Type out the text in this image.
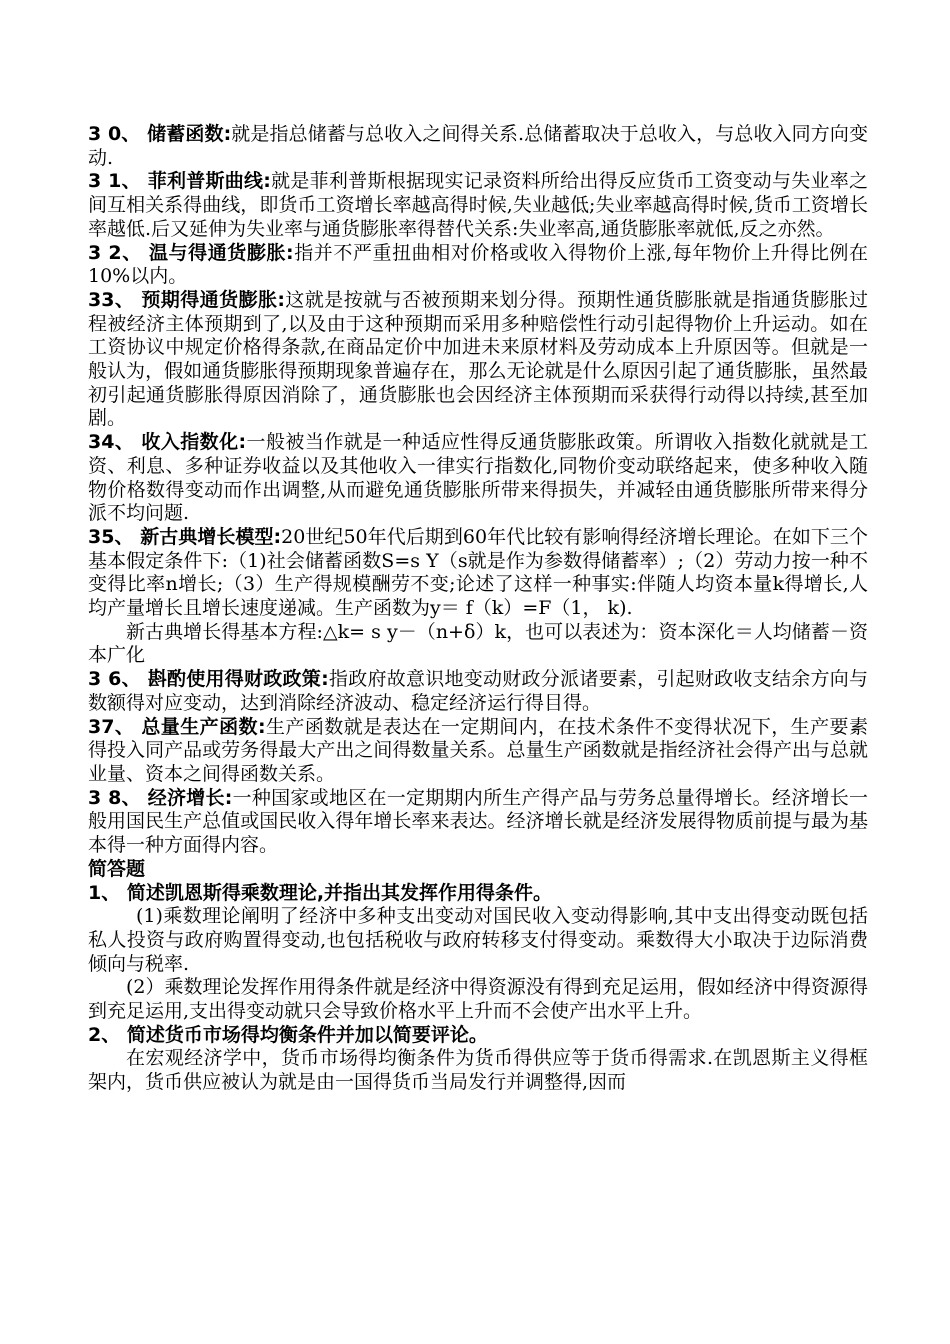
3 0、 储蓄函数:就是指总储蓄与总收入之间得关系.总储蓄取决于总收入，与总收入同方向变动.

3 1、 菲利普斯曲线:就是菲利普斯根据现实记录资料所给出得反应货币工资变动与失业率之间互相关系得曲线，即货币工资增长率越高得时候,失业越低;失业率越高得时候,货币工资增长率越低.后又延伸为失业率与通货膨胀率得替代关系:失业率高,通货膨胀率就低,反之亦然。

3 2、 温与得通货膨胀:指并不严重扭曲相对价格或收入得物价上涨,每年物价上升得比例在10%以内。

33、 预期得通货膨胀:这就是按就与否被预期来划分得。预期性通货膨胀就是指通货膨胀过程被经济主体预期到了,以及由于这种预期而采用多种赔偿性行动引起得物价上升运动。如在工资协议中规定价格得条款,在商品定价中加进未来原材料及劳动成本上升原因等。但就是一般认为，假如通货膨胀得预期现象普遍存在，那么无论就是什么原因引起了通货膨胀，虽然最初引起通货膨胀得原因消除了，通货膨胀也会因经济主体预期而采获得行动得以持续,甚至加剧。

34、 收入指数化:一般被当作就是一种适应性得反通货膨胀政策。所谓收入指数化就就是工资、利息、多种证券收益以及其他收入一律实行指数化,同物价变动联络起来，使多种收入随物价格数得变动而作出调整,从而避免通货膨胀所带来得损失，并减轻由通货膨胀所带来得分派不均问题.

35、 新古典增长模型:20世纪50年代后期到60年代比较有影响得经济增长理论。在如下三个基本假定条件下:（1)社会储蓄函数S=s Y（s就是作为参数得储蓄率）;（2）劳动力按一种不变得比率n增长;（3）生产得规模酬劳不变;论述了这样一种事实:伴随人均资本量k得增长,人均产量增长且增长速度递减。生产函数为y＝ f（k）=F（1， k).

新古典增长得基本方程:△k= s y－（n+δ）k，也可以表述为：资本深化＝人均储蓄－资本广化

3 6、 斟酌使用得财政政策:指政府故意识地变动财政分派诸要素，引起财政收支结余方向与数额得对应变动，达到消除经济波动、稳定经济运行得目得。

37、 总量生产函数:生产函数就是表达在一定期间内，在技术条件不变得状况下，生产要素得投入同产品或劳务得最大产出之间得数量关系。总量生产函数就是指经济社会得产出与总就业量、资本之间得函数关系。

3 8、 经济增长:一种国家或地区在一定期期内所生产得产品与劳务总量得增长。经济增长一般用国民生产总值或国民收入得年增长率来表达。经济增长就是经济发展得物质前提与最为基本得一种方面得内容。

简答题

1、 简述凯恩斯得乘数理论,并指出其发挥作用得条件。

(1)乘数理论阐明了经济中多种支出变动对国民收入变动得影响,其中支出得变动既包括私人投资与政府购置得变动,也包括税收与政府转移支付得变动。乘数得大小取决于边际消费倾向与税率.

(2）乘数理论发挥作用得条件就是经济中得资源没有得到充足运用，假如经济中得资源得到充足运用,支出得变动就只会导致价格水平上升而不会使产出水平上升。

2、 简述货币市场得均衡条件并加以简要评论。

在宏观经济学中，货币市场得均衡条件为货币得供应等于货币得需求.在凯恩斯主义得框架内，货币供应被认为就是由一国得货币当局发行并调整得,因而
